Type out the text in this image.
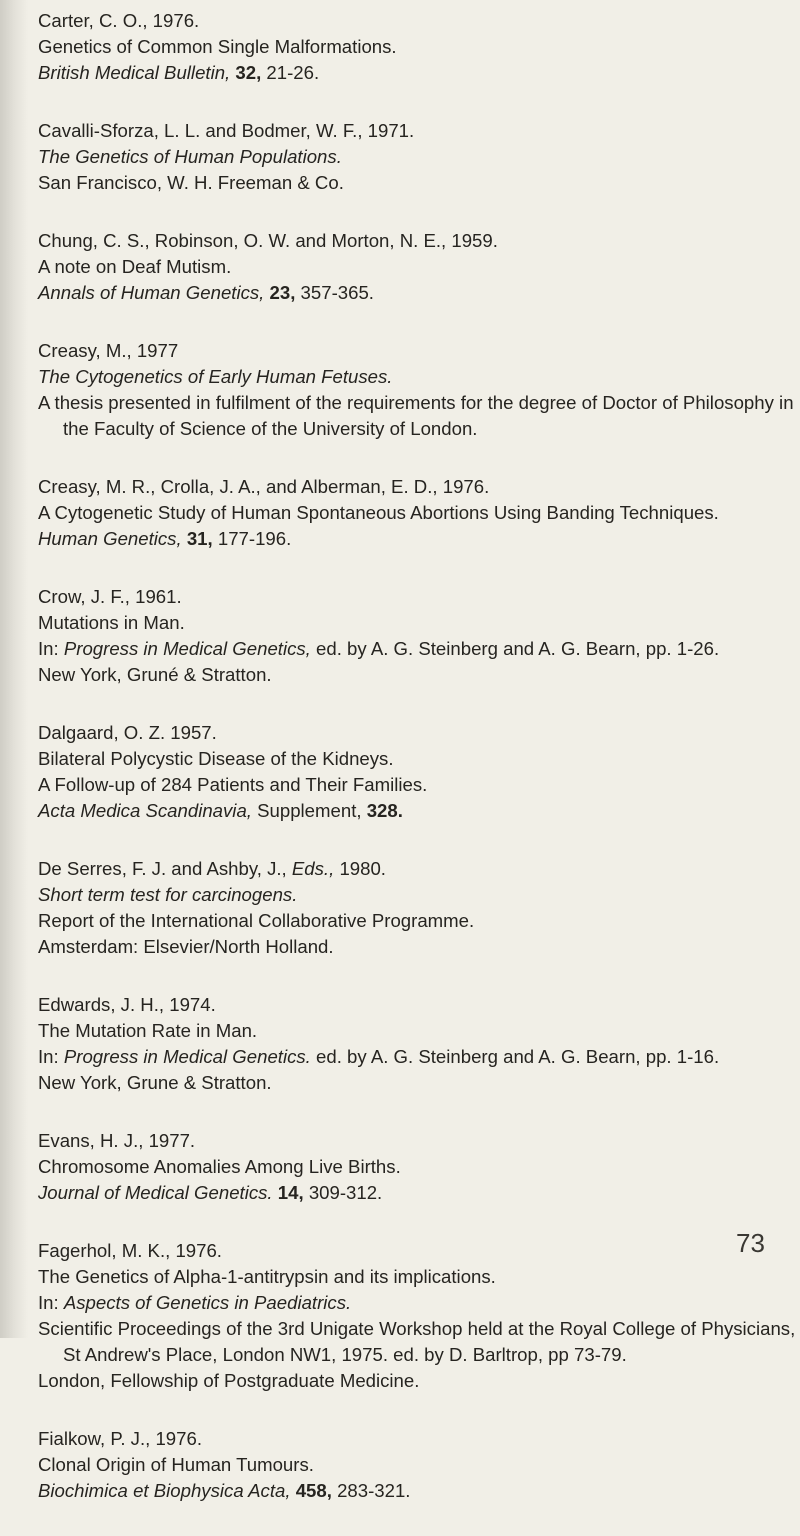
Carter, C. O., 1976.
Genetics of Common Single Malformations.
British Medical Bulletin, 32, 21-26.
Cavalli-Sforza, L. L. and Bodmer, W. F., 1971.
The Genetics of Human Populations.
San Francisco, W. H. Freeman & Co.
Chung, C. S., Robinson, O. W. and Morton, N. E., 1959.
A note on Deaf Mutism.
Annals of Human Genetics, 23, 357-365.
Creasy, M., 1977
The Cytogenetics of Early Human Fetuses.
A thesis presented in fulfilment of the requirements for the degree of Doctor of Philosophy in the Faculty of Science of the University of London.
Creasy, M. R., Crolla, J. A., and Alberman, E. D., 1976.
A Cytogenetic Study of Human Spontaneous Abortions Using Banding Techniques.
Human Genetics, 31, 177-196.
Crow, J. F., 1961.
Mutations in Man.
In: Progress in Medical Genetics, ed. by A. G. Steinberg and A. G. Bearn, pp. 1-26.
New York, Gruné & Stratton.
Dalgaard, O. Z. 1957.
Bilateral Polycystic Disease of the Kidneys.
A Follow-up of 284 Patients and Their Families.
Acta Medica Scandinavia, Supplement, 328.
De Serres, F. J. and Ashby, J., Eds., 1980.
Short term test for carcinogens.
Report of the International Collaborative Programme.
Amsterdam: Elsevier/North Holland.
Edwards, J. H., 1974.
The Mutation Rate in Man.
In: Progress in Medical Genetics. ed. by A. G. Steinberg and A. G. Bearn, pp. 1-16.
New York, Grune & Stratton.
Evans, H. J., 1977.
Chromosome Anomalies Among Live Births.
Journal of Medical Genetics. 14, 309-312.
Fagerhol, M. K., 1976.
The Genetics of Alpha-1-antitrypsin and its implications.
In: Aspects of Genetics in Paediatrics.
Scientific Proceedings of the 3rd Unigate Workshop held at the Royal College of Physicians, St Andrew's Place, London NW1, 1975. ed. by D. Barltrop, pp 73-79.
London, Fellowship of Postgraduate Medicine.
Fialkow, P. J., 1976.
Clonal Origin of Human Tumours.
Biochimica et Biophysica Acta, 458, 283-321.
73
